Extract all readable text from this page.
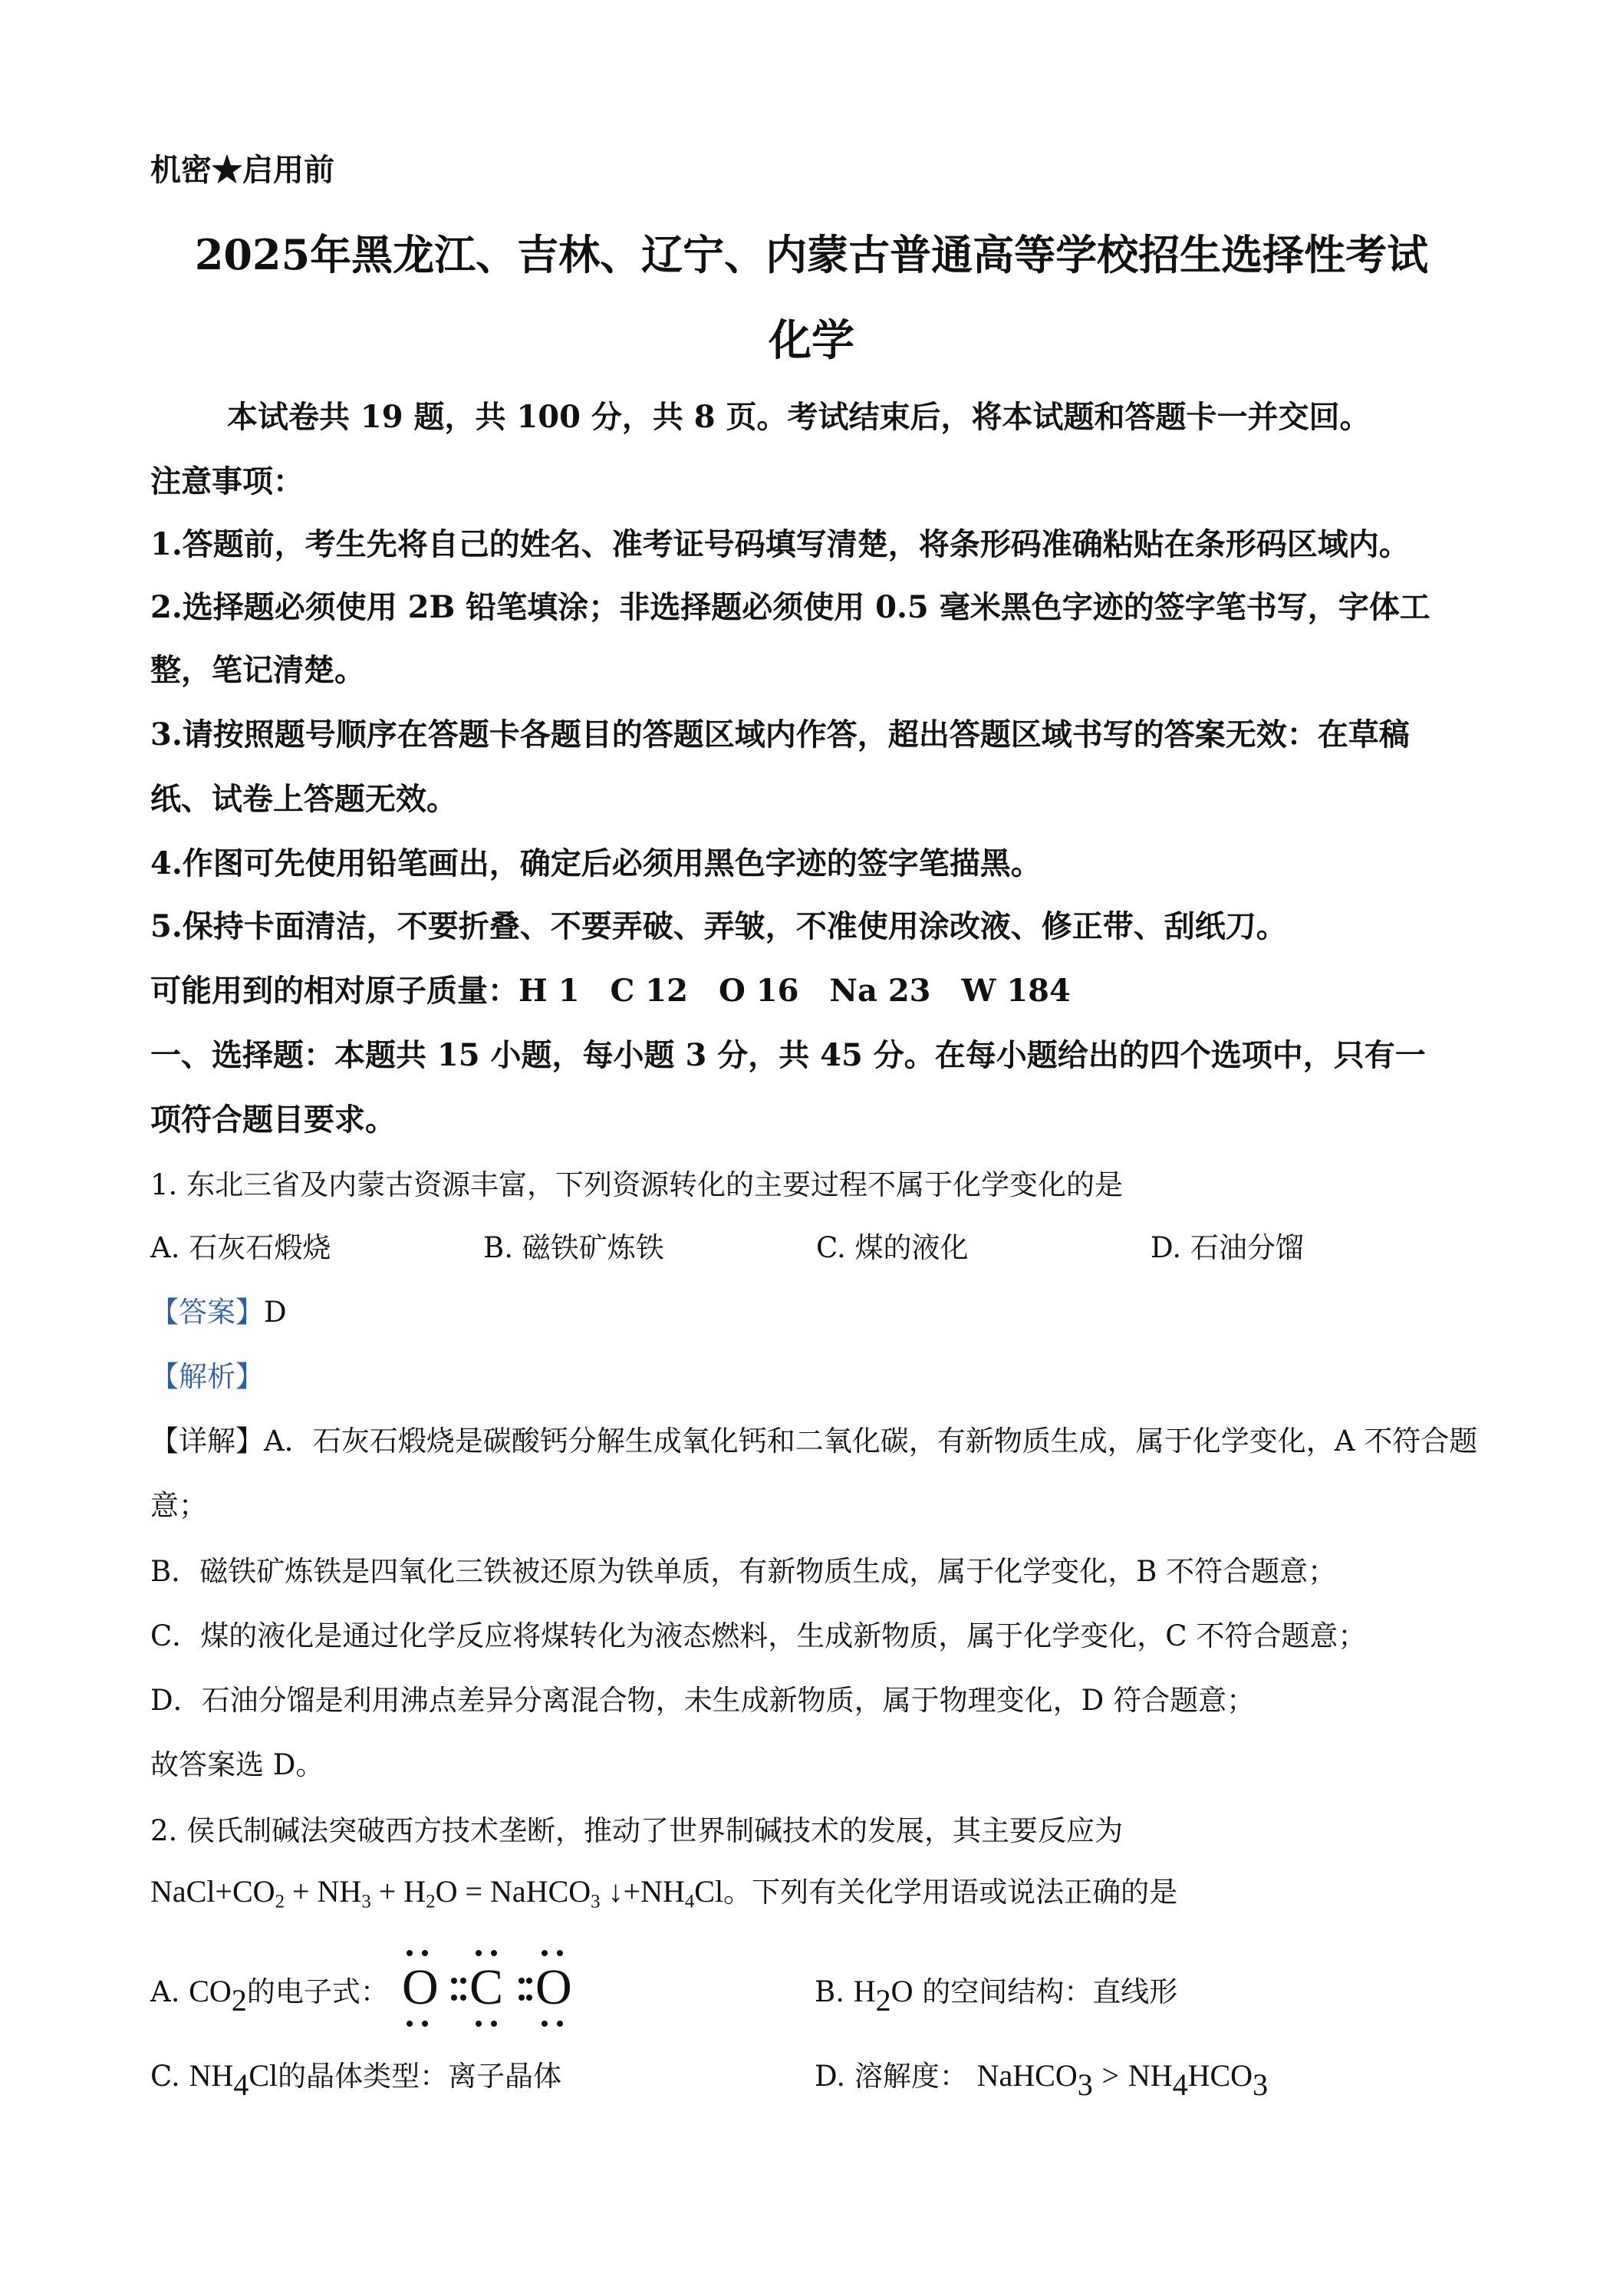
机密★启用前
2025年黑龙江、吉林、辽宁、内蒙古普通高等学校招生选择性考试
化学
本试卷共 19 题，共 100 分，共 8 页。考试结束后，将本试题和答题卡一并交回。
注意事项：
1.答题前，考生先将自己的姓名、准考证号码填写清楚，将条形码准确粘贴在条形码区域内。
2.选择题必须使用 2B 铅笔填涂；非选择题必须使用 0.5 毫米黑色字迹的签字笔书写，字体工
整，笔记清楚。
3.请按照题号顺序在答题卡各题目的答题区域内作答，超出答题区域书写的答案无效：在草稿
纸、试卷上答题无效。
4.作图可先使用铅笔画出，确定后必须用黑色字迹的签字笔描黑。
5.保持卡面清洁，不要折叠、不要弄破、弄皱，不准使用涂改液、修正带、刮纸刀。
可能用到的相对原子质量：H 1　C 12　O 16　Na 23　W 184
一、选择题：本题共 15 小题，每小题 3 分，共 45 分。在每小题给出的四个选项中，只有一
项符合题目要求。
1. 东北三省及内蒙古资源丰富，下列资源转化的主要过程不属于化学变化的是
A. 石灰石煅烧	B. 磁铁矿炼铁	C. 煤的液化	D. 石油分馏
【答案】D
【解析】
【详解】A．石灰石煅烧是碳酸钙分解生成氧化钙和二氧化碳，有新物质生成，属于化学变化，A 不符合题
意；
B．磁铁矿炼铁是四氧化三铁被还原为铁单质，有新物质生成，属于化学变化，B 不符合题意；
C．煤的液化是通过化学反应将煤转化为液态燃料，生成新物质，属于化学变化，C 不符合题意；
D．石油分馏是利用沸点差异分离混合物，未生成新物质，属于物理变化，D 符合题意；
故答案选 D。
2. 侯氏制碱法突破西方技术垄断，推动了世界制碱技术的发展，其主要反应为
$NaCl+CO_2 + NH_3 + H_2O$ = NaHCO$_3$ $↓+NH_4Cl$。下列有关化学用语或说法正确的是
A. $CO_2$的电子式： O C O	B. $H_2O$ 的空间结构：直线形
C. $NH_4Cl$的晶体类型：离子晶体	D. 溶解度： NaHCO$_3$ > $NH_4HCO_3$
